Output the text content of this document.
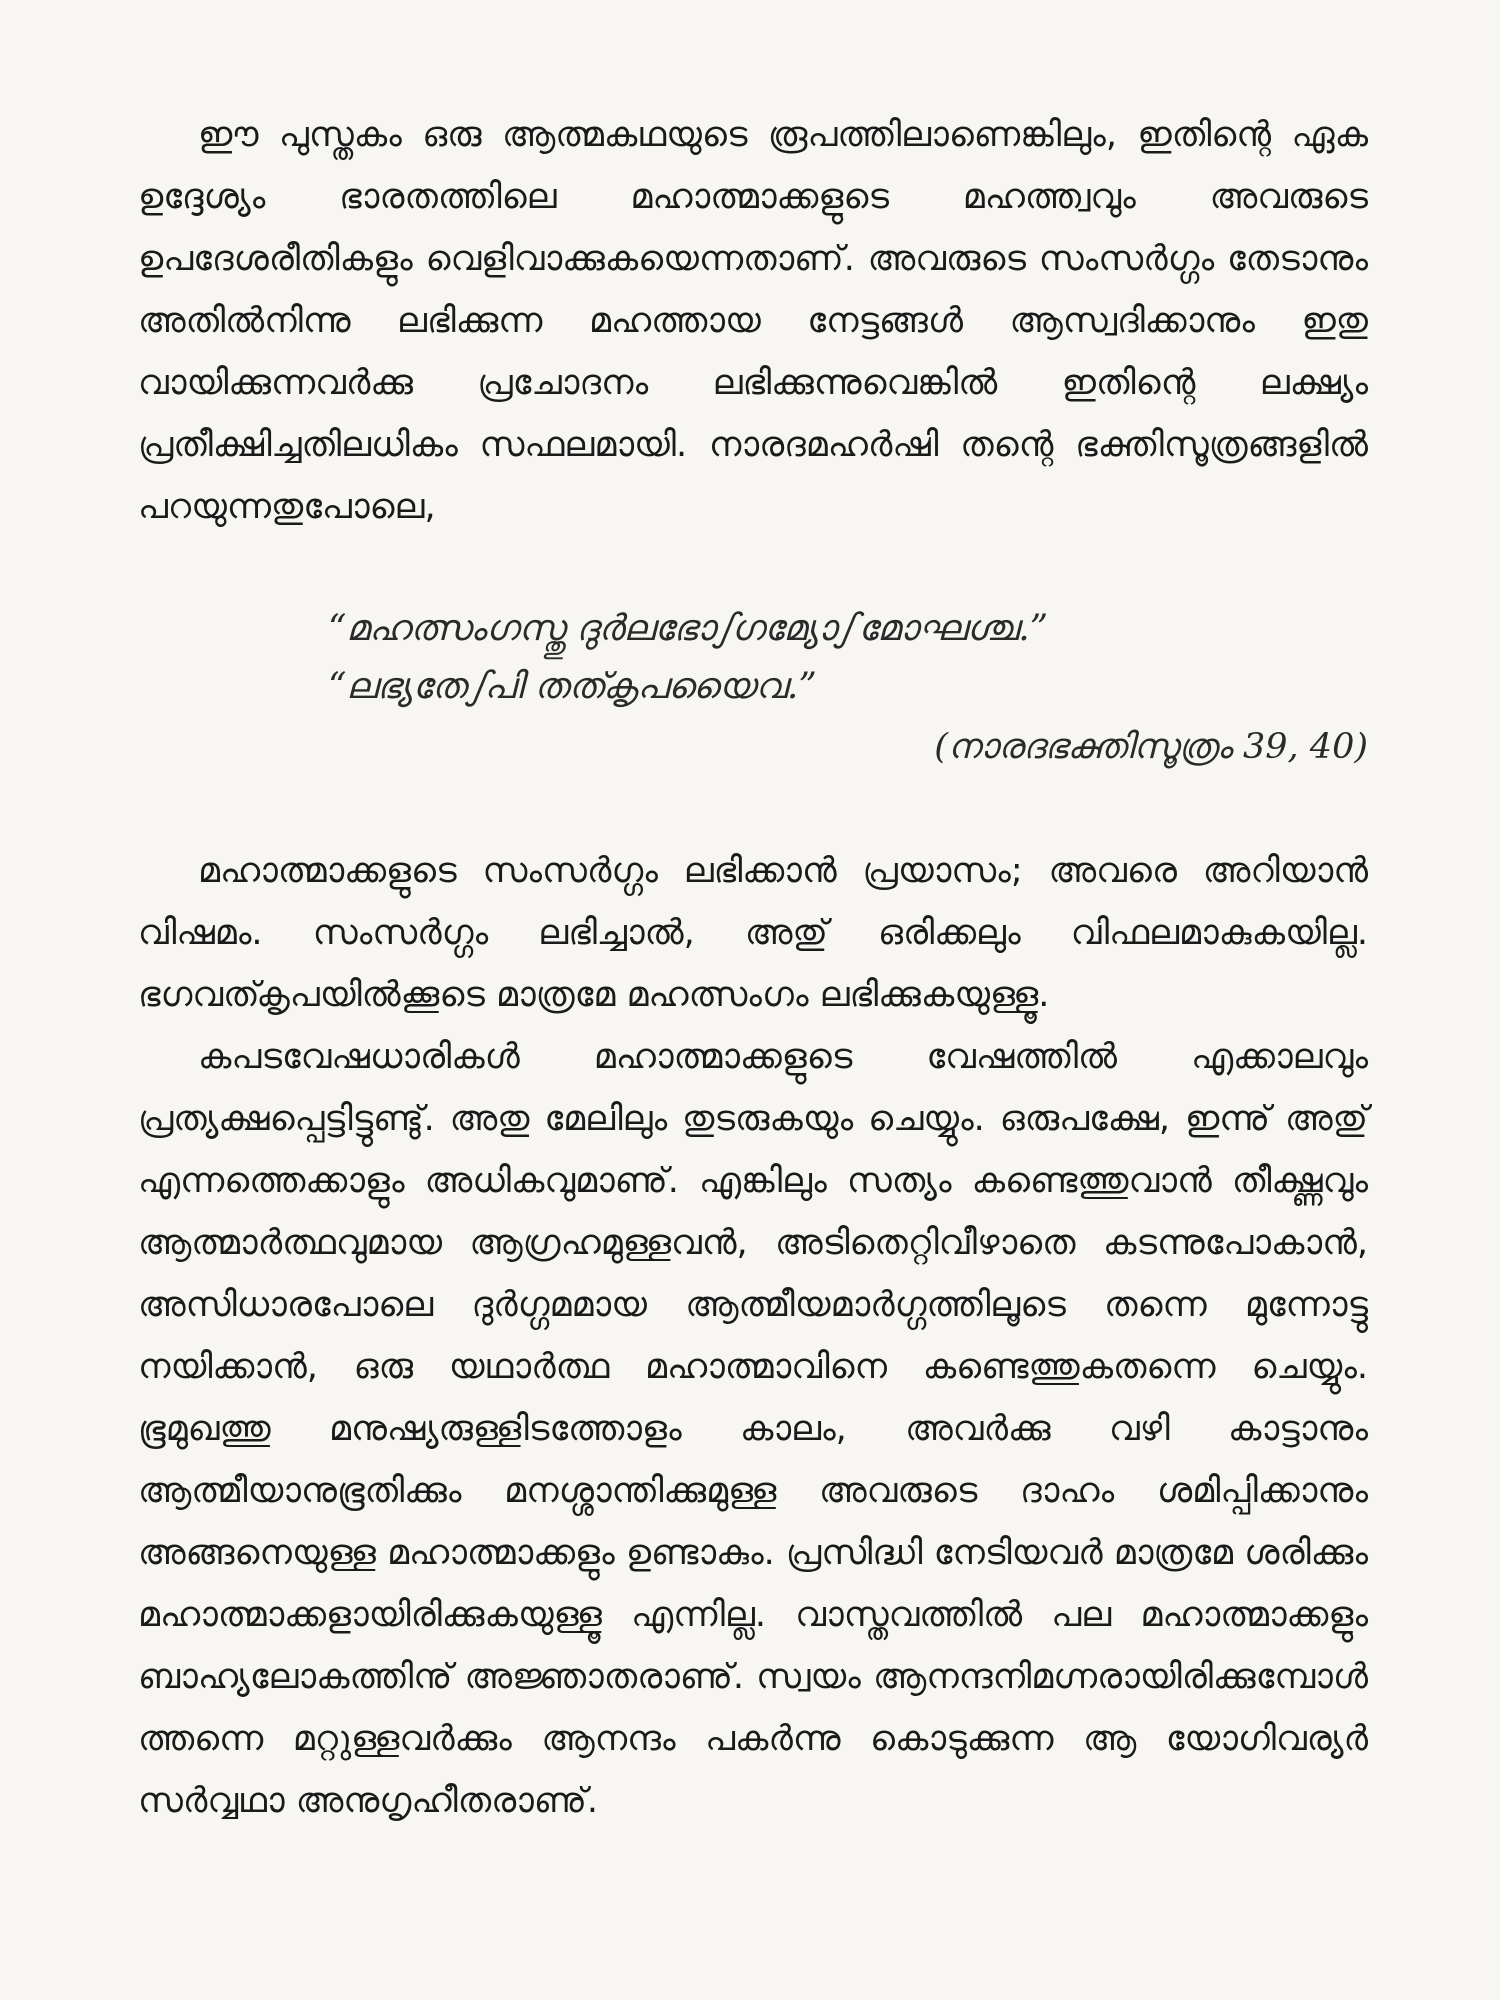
ഈ പുസ്തകം ഒരു ആത്മകഥയുടെ രൂപത്തിലാണെങ്കിലും, ഇതിന്റെ ഏക ഉദ്ദേശ്യം ഭാരതത്തിലെ മഹാത്മാക്കളുടെ മഹത്ത്വവും അവരുടെ ഉപദേശരീതികളും വെളിവാക്കുകയെന്നതാണ്. അവരുടെ സംസർഗ്ഗം തേടാനും അതിൽനിന്നു ലഭിക്കുന്ന മഹത്തായ നേട്ടങ്ങൾ ആസ്വദിക്കാനും ഇതു വായിക്കുന്നവർക്കു പ്രചോദനം ലഭിക്കുന്നുവെങ്കിൽ ഇതിന്റെ ലക്ഷ്യം പ്രതീക്ഷിച്ചതിലധികം സഫലമായി. നാരദമഹർഷി തന്റെ ഭക്തിസൂത്രങ്ങളിൽ പറയുന്നതുപോലെ,

“മഹത്സംഗസ്തു ദുർലഭോഽഗമ്യോഽമോഘശ്ച.”
“ലഭ്യതേഽപി തത്കൃപയൈവ.”
(നാരദഭക്തിസൂത്രം 39, 40)

മഹാത്മാക്കളുടെ സംസർഗ്ഗം ലഭിക്കാൻ പ്രയാസം; അവരെ അറിയാൻ വിഷമം. സംസർഗ്ഗം ലഭിച്ചാൽ, അതു് ഒരിക്കലും വിഫലമാകുകയില്ല. ഭഗവത്കൃപയിൽക്കൂടെ മാത്രമേ മഹത്സംഗം ലഭിക്കുകയുള്ളൂ.

കപടവേഷധാരികൾ മഹാത്മാക്കളുടെ വേഷത്തിൽ എക്കാലവും പ്രത്യക്ഷപ്പെട്ടിട്ടുണ്ടു്. അതു മേലിലും തുടരുകയും ചെയ്യും. ഒരുപക്ഷേ, ഇന്നു് അതു് എന്നത്തെക്കാളും അധികവുമാണു്. എങ്കിലും സത്യം കണ്ടെത്തുവാൻ തീക്ഷ്ണവും ആത്മാർത്ഥവുമായ ആഗ്രഹമുള്ളവൻ, അടിതെറ്റിവീഴാതെ കടന്നുപോകാൻ, അസിധാരപോലെ ദുർഗ്ഗമമായ ആത്മീയമാർഗ്ഗത്തിലൂടെ തന്നെ മുന്നോട്ടു നയിക്കാൻ, ഒരു യഥാർത്ഥ മഹാത്മാവിനെ കണ്ടെത്തുകതന്നെ ചെയ്യും. ഭൂമുഖത്തു മനുഷ്യരുള്ളിടത്തോളം കാലം, അവർക്കു വഴി കാട്ടാനും ആത്മീയാനുഭൂതിക്കും മനശ്ശാന്തിക്കുമുള്ള അവരുടെ ദാഹം ശമിപ്പിക്കാനും അങ്ങനെയുള്ള മഹാത്മാക്കളും ഉണ്ടാകും. പ്രസിദ്ധി നേടിയവർ മാത്രമേ ശരിക്കും മഹാത്മാക്കളായിരിക്കുകയുള്ളൂ എന്നില്ല. വാസ്തവത്തിൽ പല മഹാത്മാക്കളും ബാഹ്യലോകത്തിനു് അജ്ഞാതരാണു്. സ്വയം ആനന്ദനിമഗ്നരായിരിക്കുമ്പോൾ ത്തന്നെ മറ്റുള്ളവർക്കും ആനന്ദം പകർന്നു കൊടുക്കുന്ന ആ യോഗിവര്യർ സർവ്വഥാ അനുഗൃഹീതരാണു്.
